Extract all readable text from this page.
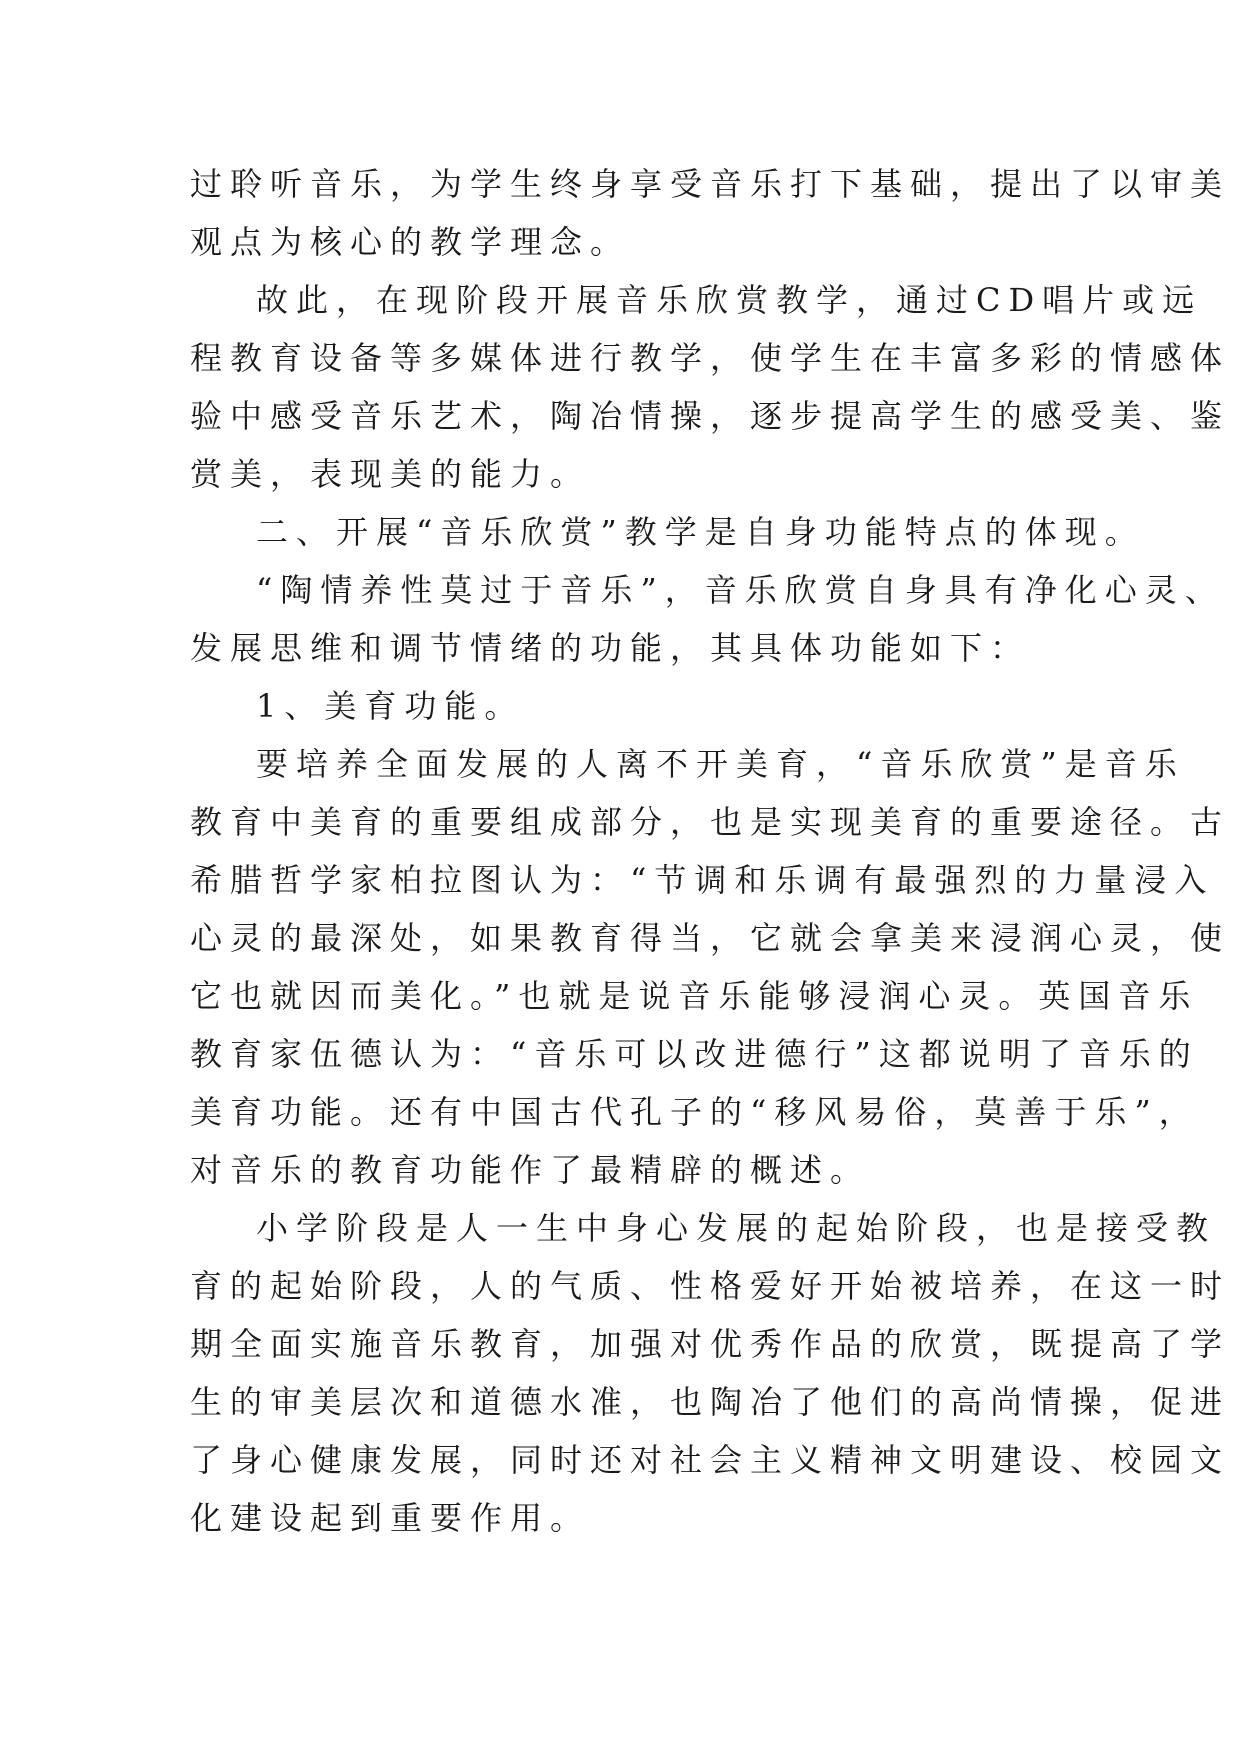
过聆听音乐，为学生终身享受音乐打下基础，提出了以审美

观点为核心的教学理念。

故此，在现阶段开展音乐欣赏教学，通过CD唱片或远

程教育设备等多媒体进行教学，使学生在丰富多彩的情感体

验中感受音乐艺术，陶冶情操，逐步提高学生的感受美、鉴

赏美，表现美的能力。

二、开展“音乐欣赏”教学是自身功能特点的体现。

“陶情养性莫过于音乐”，音乐欣赏自身具有净化心灵、

发展思维和调节情绪的功能，其具体功能如下：

1、美育功能。

要培养全面发展的人离不开美育，“音乐欣赏”是音乐

教育中美育的重要组成部分，也是实现美育的重要途径。古

希腊哲学家柏拉图认为：“节调和乐调有最强烈的力量浸入

心灵的最深处，如果教育得当，它就会拿美来浸润心灵，使

它也就因而美化。”也就是说音乐能够浸润心灵。英国音乐

教育家伍德认为：“音乐可以改进德行”这都说明了音乐的

美育功能。还有中国古代孔子的“移风易俗，莫善于乐”，

对音乐的教育功能作了最精辟的概述。

小学阶段是人一生中身心发展的起始阶段，也是接受教

育的起始阶段，人的气质、性格爱好开始被培养，在这一时

期全面实施音乐教育，加强对优秀作品的欣赏，既提高了学

生的审美层次和道德水准，也陶冶了他们的高尚情操，促进

了身心健康发展，同时还对社会主义精神文明建设、校园文

化建设起到重要作用。
